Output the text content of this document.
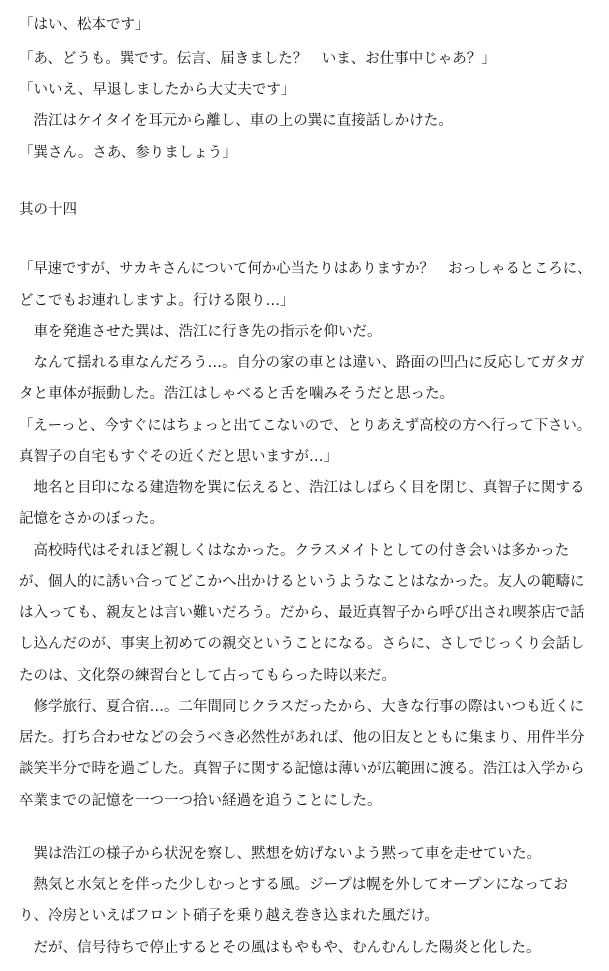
「はい、松本です」
「あ、どうも。巽です。伝言、届きました？　いま、お仕事中じゃあ？」
「いいえ、早退しましたから大丈夫です」
　浩江はケイタイを耳元から離し、車の上の巽に直接話しかけた。
「巽さん。さあ、参りましょう」
其の十四
「早速ですが、サカキさんについて何か心当たりはありますか？　おっしゃるところに、
どこでもお連れしますよ。行ける限り…」
　車を発進させた巽は、浩江に行き先の指示を仰いだ。
　なんて揺れる車なんだろう…。自分の家の車とは違い、路面の凹凸に反応してガタガ
タと車体が振動した。浩江はしゃべると舌を噛みそうだと思った。
「えーっと、今すぐにはちょっと出てこないので、とりあえず高校の方へ行って下さい。
真智子の自宅もすぐその近くだと思いますが…」
　地名と目印になる建造物を巽に伝えると、浩江はしばらく目を閉じ、真智子に関する
記憶をさかのぼった。
　高校時代はそれほど親しくはなかった。クラスメイトとしての付き会いは多かった
が、個人的に誘い合ってどこかへ出かけるというようなことはなかった。友人の範疇に
は入っても、親友とは言い難いだろう。だから、最近真智子から呼び出され喫茶店で話
し込んだのが、事実上初めての親交ということになる。さらに、さしでじっくり会話し
たのは、文化祭の練習台として占ってもらった時以来だ。
　修学旅行、夏合宿…。二年間同じクラスだったから、大きな行事の際はいつも近くに
居た。打ち合わせなどの会うべき必然性があれば、他の旧友とともに集まり、用件半分
談笑半分で時を過ごした。真智子に関する記憶は薄いが広範囲に渡る。浩江は入学から
卒業までの記憶を一つ一つ拾い経過を追うことにした。
　巽は浩江の様子から状況を察し、黙想を妨げないよう黙って車を走せていた。
　熱気と水気とを伴った少しむっとする風。ジープは幌を外してオープンになってお
り、冷房といえばフロント硝子を乗り越え巻き込まれた風だけ。
　だが、信号待ちで停止するとその風はもやもや、むんむんした陽炎と化した。
